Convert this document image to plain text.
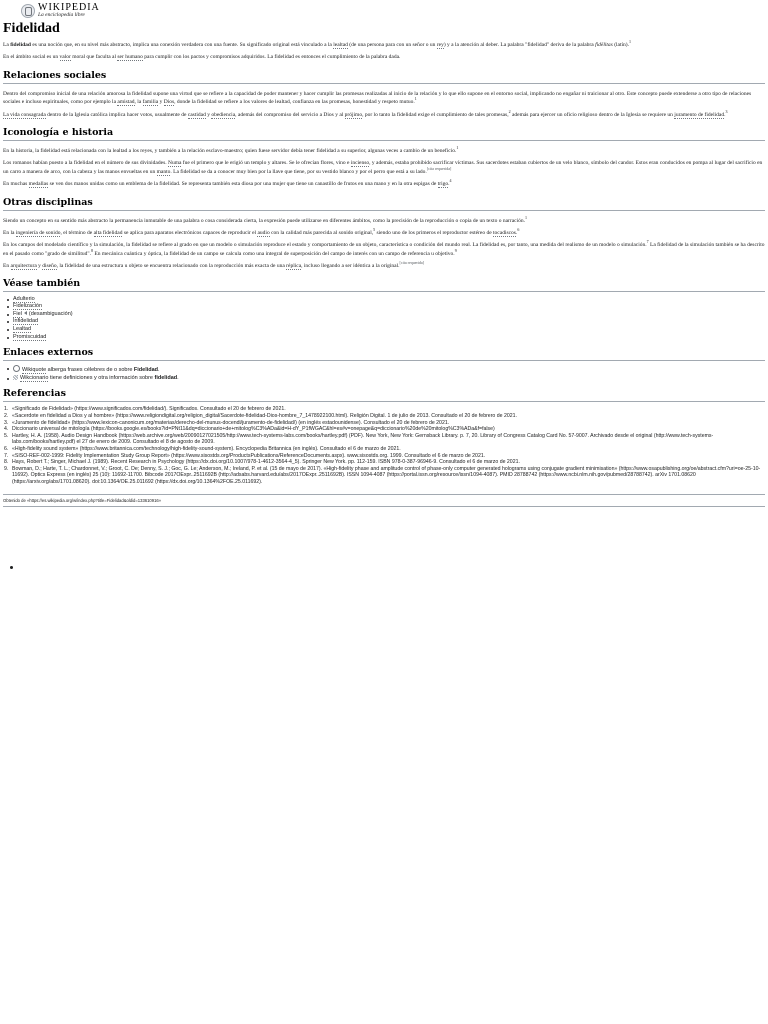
WIKIPEDIA
La enciclopedia libre
Fidelidad

La fidelidad es una noción que, en su nivel más abstracto, implica una conexión verdadera con una fuente. Su significado original está vinculado a la lealtad (de una persona para con un señor o un rey) y a la atención al deber. La palabra "fidelidad" deriva de la palabra fidēlitas (latín).$^1$

En el ámbito social es un valor moral que faculta al ser humano para cumplir con los pactos y compromisos adquiridos. La fidelidad es entonces el cumplimiento de la palabra dada.

Relaciones sociales

Dentro del compromiso inicial de una relación amorosa la fidelidad supone una virtud que se refiere a la capacidad de poder mantener y hacer cumplir las promesas realizadas al inicio de la relación y lo que ello supone en el entorno social, implicando no engañar ni traicionar al otro. Este concepto puede extenderse a otro tipo de relaciones sociales e incluso espirituales, como por ejemplo la amistad, la familia y Dios, donde la fidelidad se refiere a los valores de lealtad, confianza en las promesas, honestidad y respeto mutuo.$^1$

La vida consagrada dentro de la Iglesia católica implica hacer votos, usualmente de castidad y obediencia, además del compromiso del servicio a Dios y al prójimo, por lo tanto la fidelidad exige el cumplimiento de tales promesas,$^2$ además para ejercer un oficio religioso dentro de la Iglesia se requiere un juramento de fidelidad.$^3$

Iconología e historia

En la historia, la fidelidad está relacionada con la lealtad a los reyes, y también a la relación esclavo-maestro; quien fuese servidor debía tener fidelidad a su superior, algunas veces a cambio de un beneficio.$^1$

Los romanos habían puesto a la fidelidad en el número de sus divinidades. Numa fue el primero que le erigió un templo y altares. Se le ofrecían flores, vino e incienso, y además, estaba prohibido sacrificar víctimas. Sus sacerdotes estaban cubiertos de un velo blanco, símbolo del candor. Estos eran conducidos en pompa al lugar del sacrificio en un carro a manera de arco, con la cabeza y las manos envueltas en un manto. La fidelidad se da a conocer muy bien por la llave que tiene, por su vestido blanco y por el perro que está a su lado.[cita requerida]

En muchas medallas se ven dos manos unidas como un emblema de la fidelidad. Se representa también esta diosa por una mujer que tiene un canastillo de frutos en una mano y en la otra espigas de trigo.$^4$

Otras disciplinas

Siendo un concepto en su sentido más abstracto la permanencia inmutable de una palabra o cosa considerada cierta, la expresión puede utilizarse en diferentes ámbitos, como la precisión de la reproducción o copia de un texto o narración.$^1$

En la ingeniería de sonido, el término de alta fidelidad se aplica para aparatos electrónicos capaces de reproducir el audio con la calidad más parecida al sonido original,$^5$ siendo uno de los primeros el reproductor estéreo de tocadiscos.$^6$

En los campos del modelado científico y la simulación, la fidelidad se refiere al grado en que un modelo o simulación reproduce el estado y comportamiento de un objeto, característica o condición del mundo real. La fidelidad es, por tanto, una medida del realismo de un modelo o simulación.$^7$ La fidelidad de la simulación también se ha descrito en el pasado como "grado de similitud".$^8$ En mecánica cuántica y óptica, la fidelidad de un campo se calcula como una integral de superposición del campo de interés con un campo de referencia u objetivo.$^9$

En arquitectura y diseño, la fidelidad de una estructura u objeto se encuentra relacionado con la reproducción más exacta de una réplica, incluso llegando a ser idéntica a la original.[cita requerida]

Véase también
Adulterio
Fidelización
Fiel (desambiguación)
Infidelidad
Lealtad
Promiscuidad
Enlaces externos
Wikiquote alberga frases célebres de o sobre Fidelidad.
Wikcionario tiene definiciones y otra información sobre fidelidad.
Referencias
1. «Significado de Fidelidad» (https://www.significados.com/fidelidad/). Significados. Consultado el 20 de febrero de 2021.
2. «Sacerdote en fidelidad a Dios y al hombre» (https://www.religiondigital.org/religion_digital/Sacerdote-fidelidad-Dios-hombre_7_1478922100.html). Religión Digital. 1 de julio de 2013. Consultado el 20 de febrero de 2021.
3. «Juramento de fidelidad» (https://www.lexicon-canonicum.org/materias/derecho-del-munus-docendi/juramento-de-fidelidad/) (en inglés estadounidense). Consultado el 20 de febrero de 2021.
4. Diccionario universal de mitología (https://books.google.es/books?id=PNt11&dq=diccionario+de+mitolog%C3%ADa&id=H-dY_P1fWGAC&hl=es#v=onepage&q=diccionario%20de%20mitolog%C3%ADa&f=false)
5. Hartley, H. A. (1958). Audio Design Handbook (https://web.archive.org/web/20090127021505/http://www.tech-systems-labs.com/books/hartley.pdf) (PDF). New York, New York: Gernsback Library. p. 7, 20. Library of Congress Catalog Card No. 57-9007. Archivado desde el original (http://www.tech-systems-labs.com/books/hartley.pdf) el 27 de enero de 2009. Consultado el 8 de agosto de 2009.
6. «High-fidelity sound system» (https://www.britannica.com/technology/high-fidelity-sound-system). Encyclopedia Britannica (en inglés). Consultado el 6 de marzo de 2021.
7. «SISO-REF-002-1999: Fidelity Implementation Study Group Report» (https://www.sisostds.org/ProductsPublications/ReferenceDocuments.aspx). www.sisostds.org. 1999. Consultado el 6 de marzo de 2021.
8. Hays, Robert T.; Singer, Michael J. (1989). Recent Research in Psychology (https://dx.doi.org/10.1007/978-1-4612-3564-4_5). Springer New York. pp. 112-159. ISBN 978-0-387-96946-9. Consultado el 6 de marzo de 2021.
9. Bowman, D.; Harte, T. L.; Chardonnet, V.; Groot, C. De; Denny, S. J.; Goc, G. Le; Anderson, M.; Ireland, P. et al. (15 de mayo de 2017). «High-fidelity phase and amplitude control of phase-only computer generated holograms using conjugate gradient minimisation» (https://www.osapublishing.org/oe/abstract.cfm?uri=oe-25-10-11692). Optics Express (en inglés) 25 (10): 11692-11700. Bibcode 2017OExpr..2511692B (http://adsabs.harvard.edu/abs/2017OExpr..2511692B). ISSN 1094-4087 (https://portal.issn.org/resource/issn/1094-4087). PMID 28788742 (https://www.ncbi.nlm.nih.gov/pubmed/28788742). arXiv 1701.08620 (https://arxiv.org/abs/1701.08620). doi:10.1364/OE.25.011692 (https://dx.doi.org/10.1364%2FOE.25.011692).
Obtenido de «https://es.wikipedia.org/w/index.php?title=Fidelidad&oldid=133610916»
